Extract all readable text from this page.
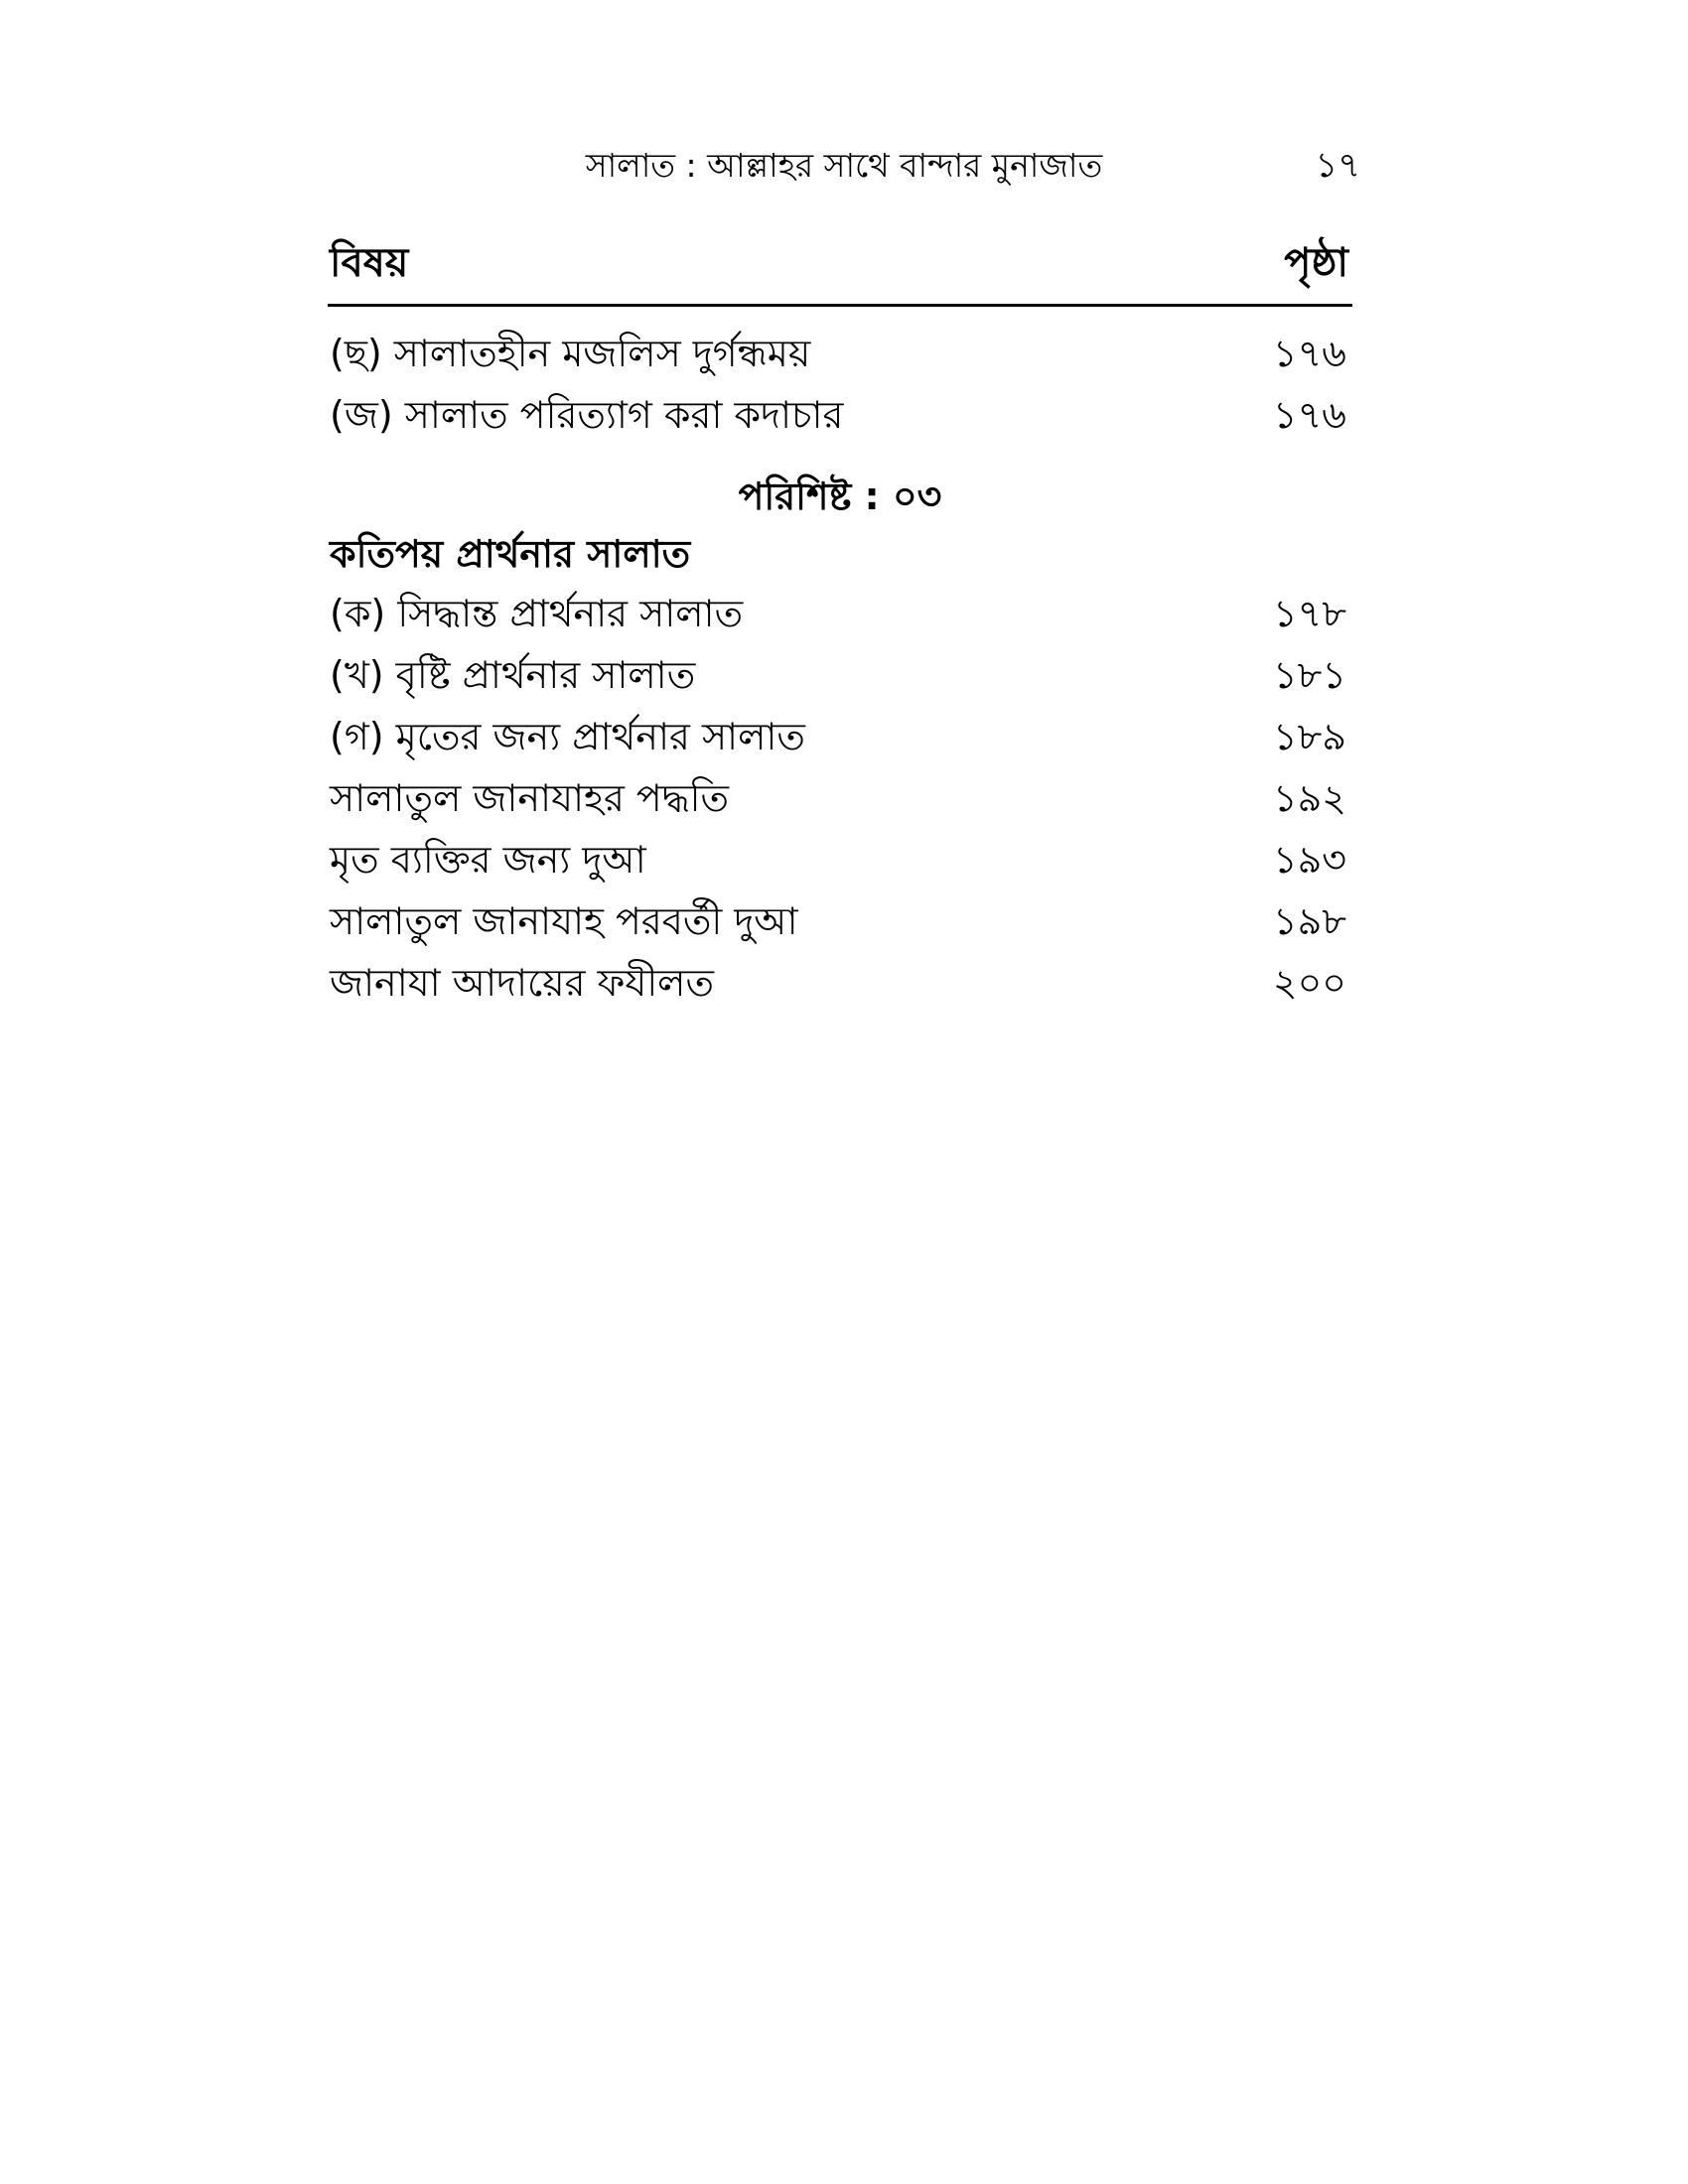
সালাত : আল্লাহর সাথে বান্দার মুনাজাত	১৭
বিষয়	পৃষ্ঠা
(ছ) সালাতহীন মজলিস দুর্গন্ধময়	১৭৬
(জ) সালাত পরিত্যাগ করা কদাচার	১৭৬
পরিশিষ্ট : ০৩
কতিপয় প্রার্থনার সালাত
(ক) সিদ্ধান্ত প্রার্থনার সালাত	১৭৮
(খ) বৃষ্টি প্রার্থনার সালাত	১৮১
(গ) মৃতের জন্য প্রার্থনার সালাত	১৮৯
সালাতুল জানাযাহর পদ্ধতি	১৯২
মৃত ব্যক্তির জন্য দুআ	১৯৩
সালাতুল জানাযাহ পরবর্তী দুআ	১৯৮
জানাযা আদায়ের ফযীলত	২০০
